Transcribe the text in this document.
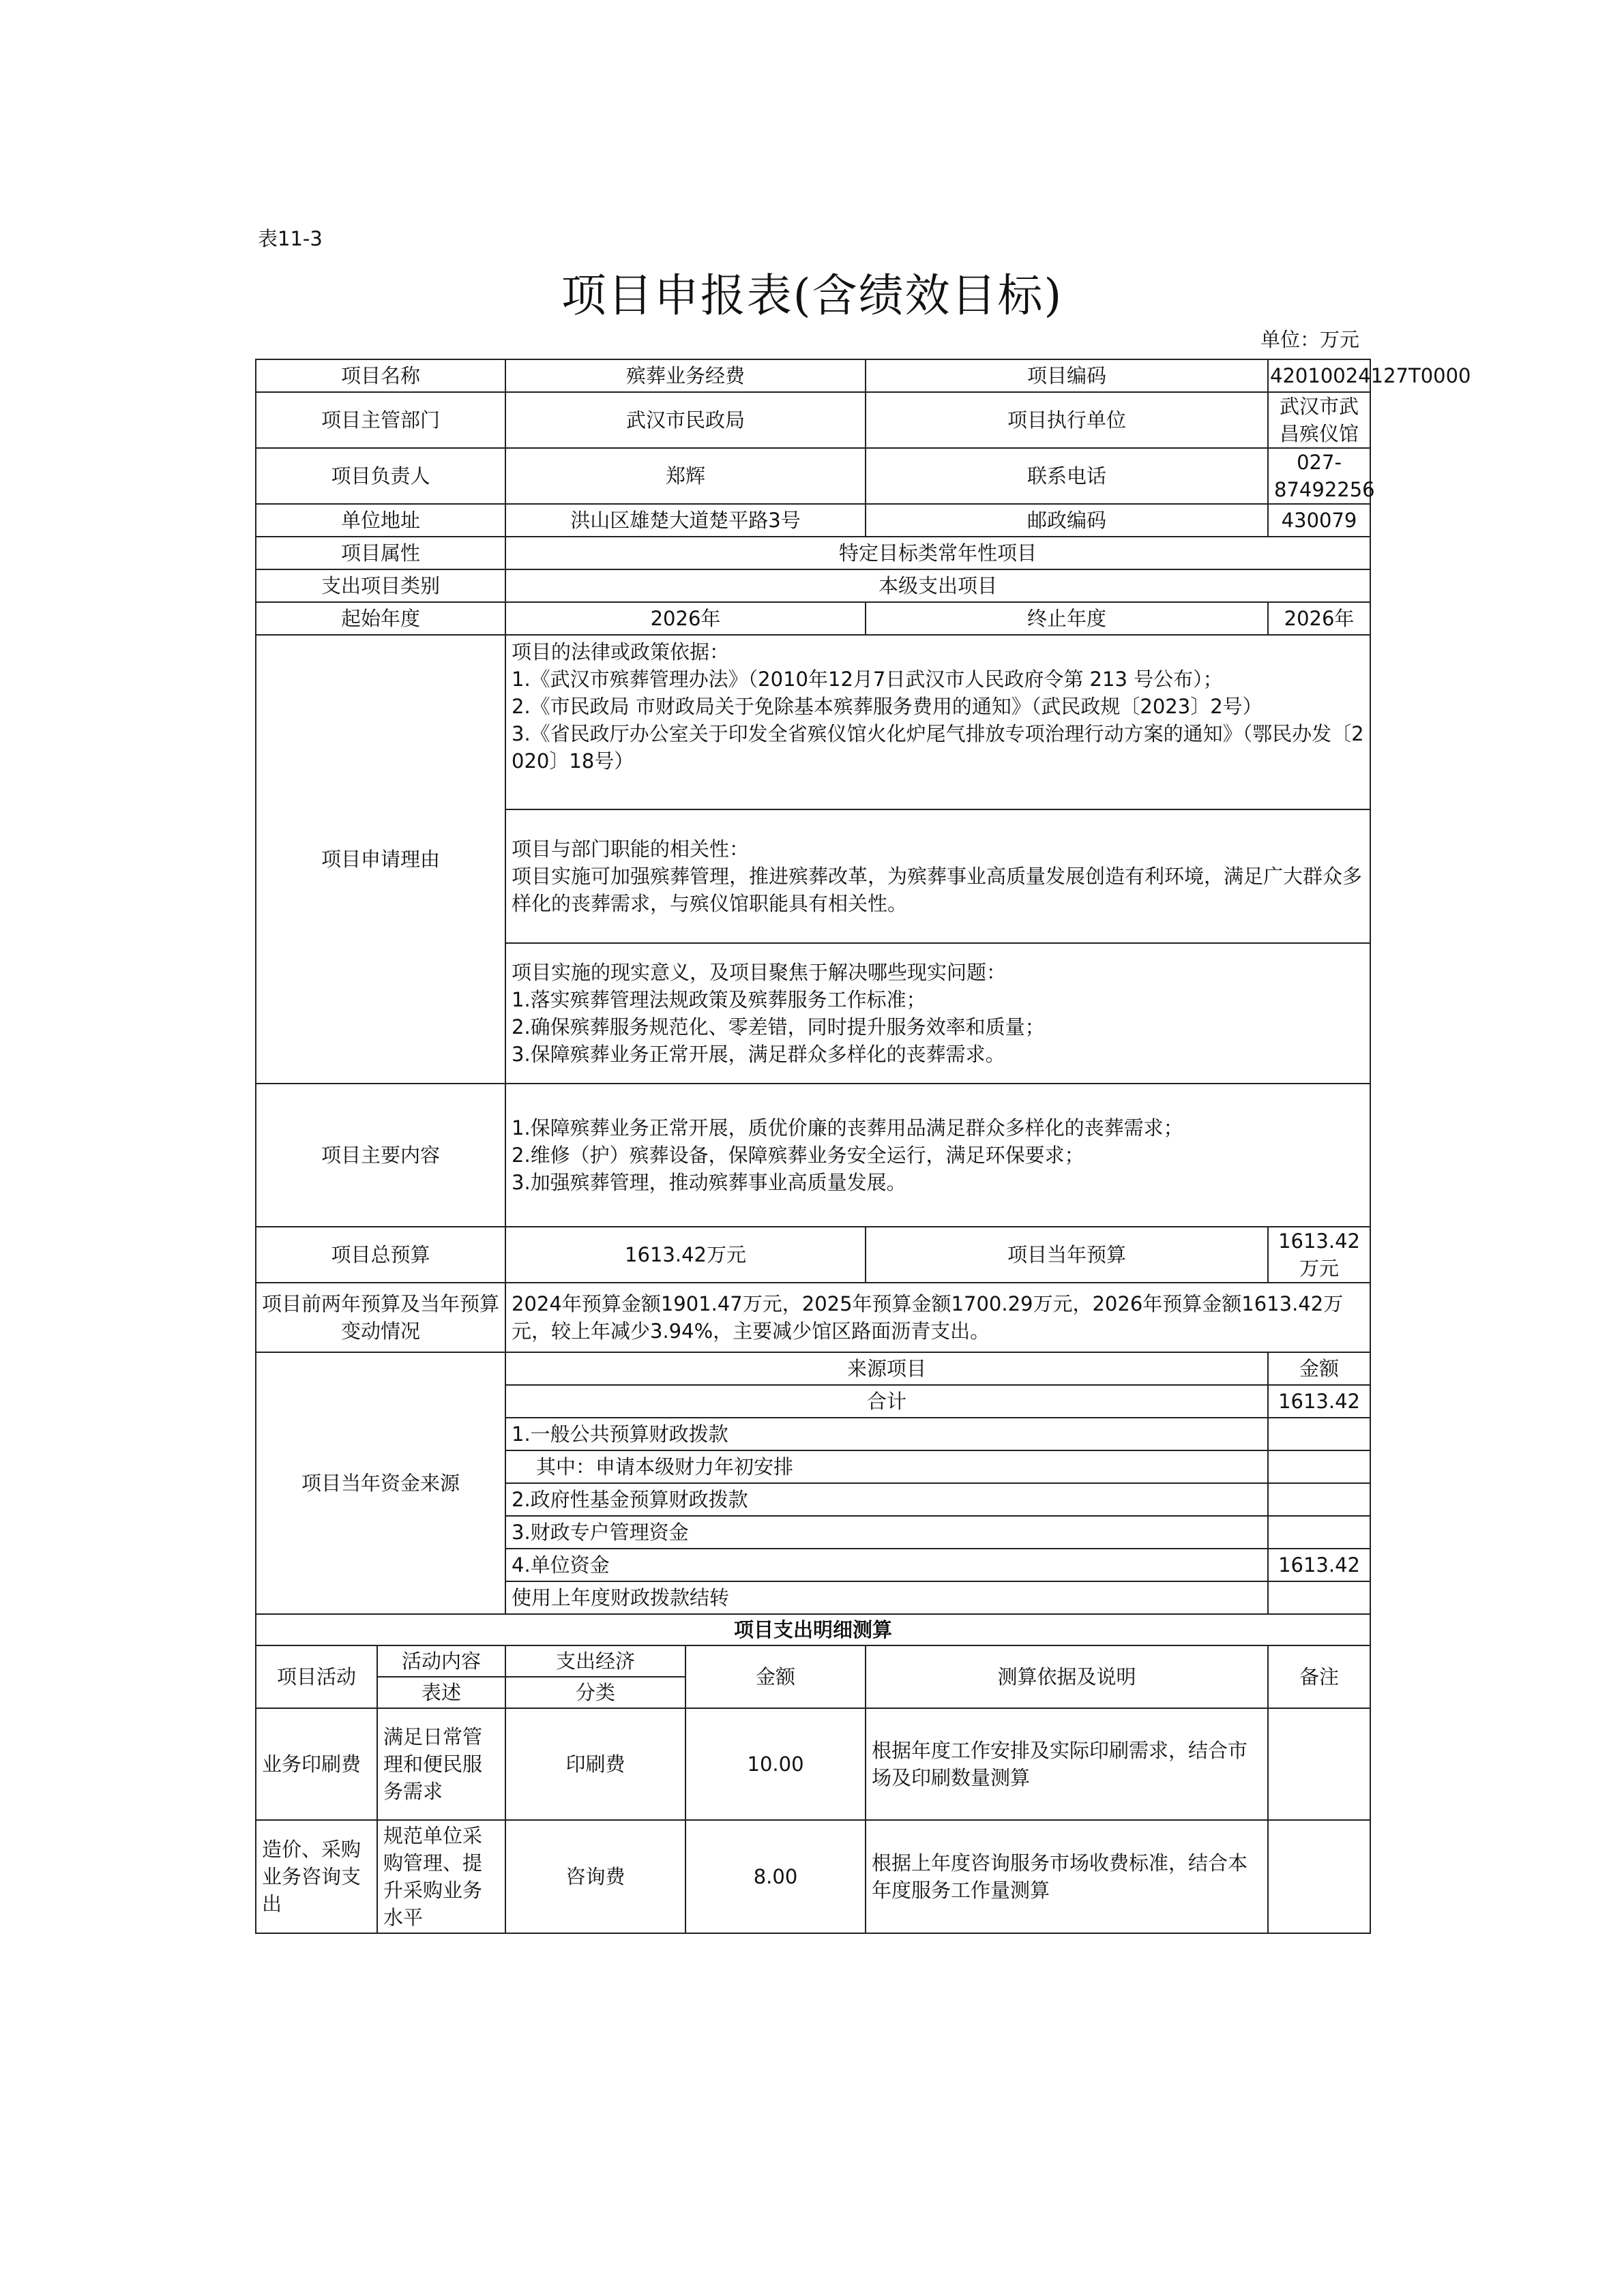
表11-3
项目申报表(含绩效目标)
单位：万元
项目名称		殡葬业务经费		项目编码	42010024127T0000
项目主管部门		武汉市民政局		项目执行单位	武汉市武昌殡仪馆
项目负责人		郑辉		联系电话	027-87492256
单位地址		洪山区雄楚大道楚平路3号		邮政编码	430079
项目属性		特定目标类常年性项目			
支出项目类别		本级支出项目			
起始年度		2026年		终止年度	2026年
项目申请理由		项目的法律或政策依据：
1.《武汉市殡葬管理办法》（2010年12月7日武汉市人民政府令第 213 号公布）；
2.《市民政局 市财政局关于免除基本殡葬服务费用的通知》（武民政规〔2023〕2号）
3.《省民政厅办公室关于印发全省殡仪馆火化炉尾气排放专项治理行动方案的通知》（鄂民办发〔2020〕18号）			

		项目与部门职能的相关性：
项目实施可加强殡葬管理，推进殡葬改革，为殡葬事业高质量发展创造有利环境，满足广大群众多样化的丧葬需求，与殡仪馆职能具有相关性。			

		项目实施的现实意义，及项目聚焦于解决哪些现实问题：
1.落实殡葬管理法规政策及殡葬服务工作标准；
2.确保殡葬服务规范化、零差错，同时提升服务效率和质量；
3.保障殡葬业务正常开展，满足群众多样化的丧葬需求。			

项目主要内容		1.保障殡葬业务正常开展，质优价廉的丧葬用品满足群众多样化的丧葬需求；
2.维修（护）殡葬设备，保障殡葬业务安全运行，满足环保要求；
3.加强殡葬管理，推动殡葬事业高质量发展。			

项目总预算		1613.42万元		项目当年预算	1613.42万元
项目前两年预算及当年预算变动情况		2024年预算金额1901.47万元，2025年预算金额1700.29万元，2026年预算金额1613.42万元，较上年减少3.94%，主要减少馆区路面沥青支出。			
项目当年资金来源		来源项目			金额
		合计			1613.42
		1.一般公共预算财政拨款			
		其中：申请本级财力年初安排			
		2.政府性基金预算财政拨款			
		3.财政专户管理资金			
		4.单位资金			1613.42
		使用上年度财政拨款结转			
项目支出明细测算					
项目活动	活动内容	支出经济	金额	测算依据及说明	备注
	表述	分类			
业务印刷费	满足日常管理和便民服务需求	印刷费	10.00	根据年度工作安排及实际印刷需求，结合市场及印刷数量测算	
造价、采购业务咨询支出	规范单位采购管理、提升采购业务水平	咨询费	8.00	根据上年度咨询服务市场收费标准，结合本年度服务工作量测算	
